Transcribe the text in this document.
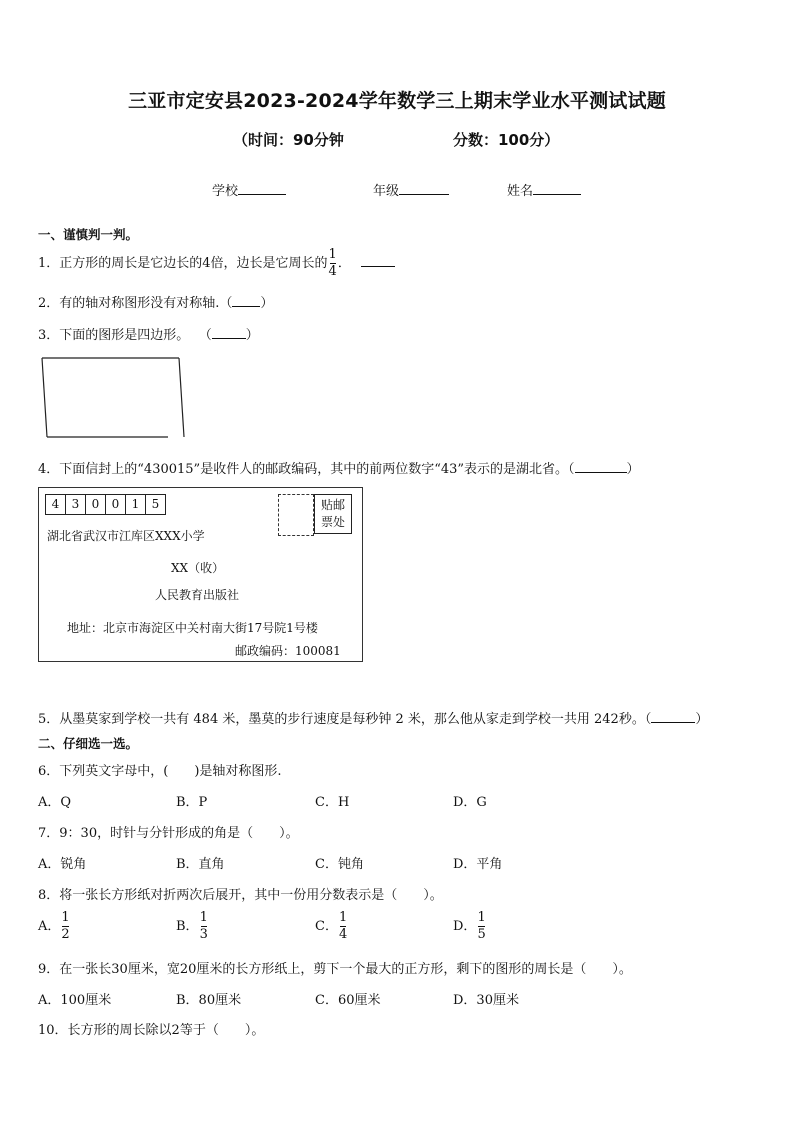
三亚市定安县2023-2024学年数学三上期末学业水平测试试题
（时间：90分钟	分数：100分）
学校	年级	姓名
一、谨慎判一判。
1．正方形的周长是它边长的4倍，边长是它周长的 $\frac{1}{4}$ ．
2．有的轴对称图形没有对称轴.（ ）
3．下面的图形是四边形。 （	）
4．下面信封上的“430015”是收件人的邮政编码，其中的前两位数字“43”表示的是湖北省。（	）
4	3	0	0	1	5	贴邮
票处
湖北省武汉市江库区XXX小学
XX（收）
人民教育出版社
地址：北京市海淀区中关村南大街17号院1号楼
邮政编码：100081
5．从墨莫家到学校一共有 484 米，墨莫的步行速度是每秒钟 2 米，那么他从家走到学校一共用 242秒。（	）
二、仔细选一选。
6．下列英文字母中，(　　)是轴对称图形.
A．Q	B．P	C．H	D．G
7．9：30，时针与分针形成的角是（　　）。
A．锐角	B．直角	C．钝角	D．平角
8．将一张长方形纸对折两次后展开，其中一份用分数表示是（　　）。
A． $\frac{1}{2}$	B． $\frac{1}{3}$	C． $\frac{1}{4}$	D． $\frac{1}{5}$
9．在一张长30厘米，宽20厘米的长方形纸上，剪下一个最大的正方形，剩下的图形的周长是（　　）。
A．100厘米	B．80厘米	C．60厘米	D．30厘米
10．长方形的周长除以2等于（　　）。
